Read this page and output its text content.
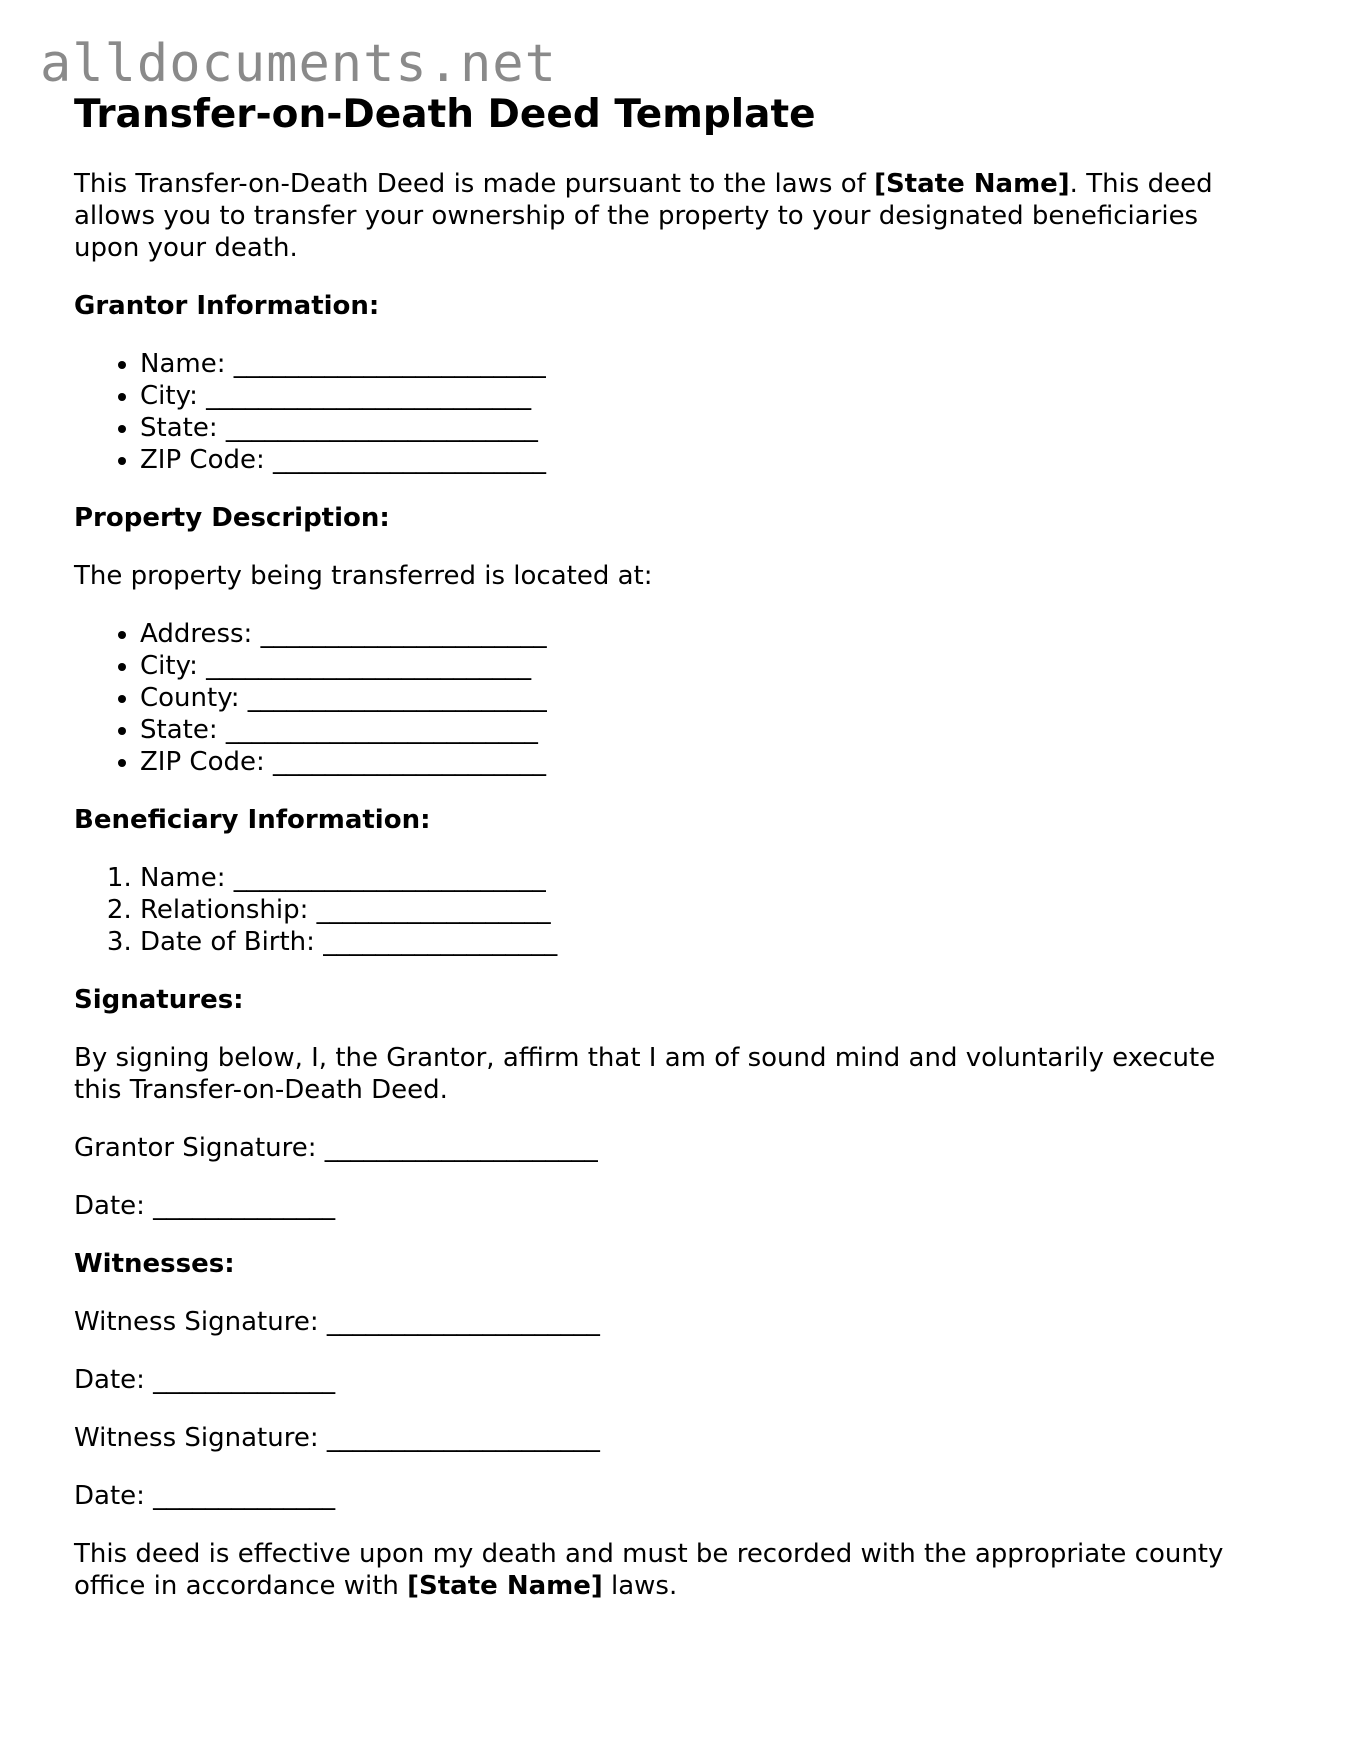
alldocuments.net
Transfer-on-Death Deed Template

This Transfer-on-Death Deed is made pursuant to the laws of [State Name]. This deed allows you to transfer your ownership of the property to your designated beneficiaries upon your death.

Grantor Information:
• Name: ________________________
• City: _________________________
• State: ________________________
• ZIP Code: _____________________
Property Description:

The property being transferred is located at:

• Address: ______________________
• City: _________________________
• County: _______________________
• State: ________________________
• ZIP Code: _____________________
Beneficiary Information:
1. Name: ________________________
2. Relationship: __________________
3. Date of Birth: __________________
Signatures:

By signing below, I, the Grantor, affirm that I am of sound mind and voluntarily execute this Transfer-on-Death Deed.

Grantor Signature: _____________________

Date: ______________

Witnesses:

Witness Signature: _____________________

Date: ______________

Witness Signature: _____________________

Date: ______________

This deed is effective upon my death and must be recorded with the appropriate county office in accordance with [State Name] laws.
